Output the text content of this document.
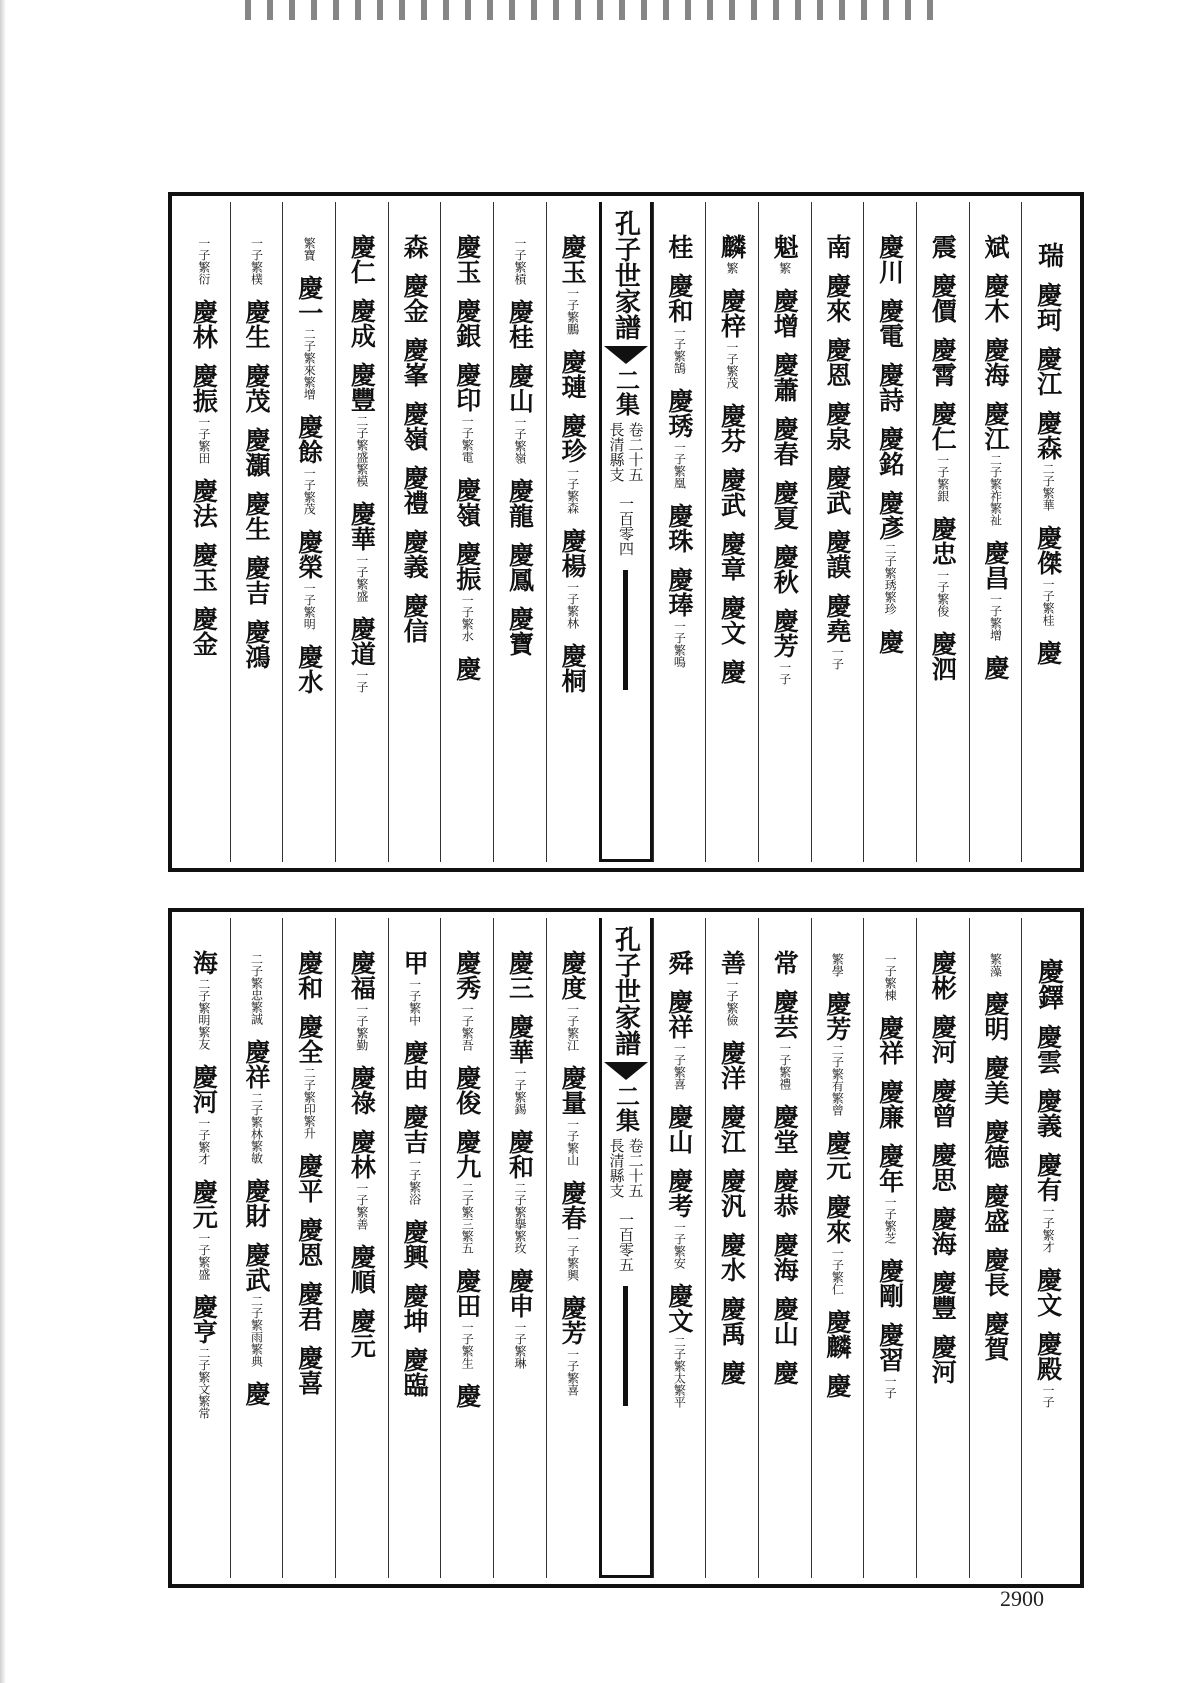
瑞
慶珂
慶江
慶森
二子繁華
慶傑
一子繁桂
慶
斌
慶木
慶海
慶江
二子繁祚繁祉
慶昌
一子繁增
慶
震
慶價
慶霄
慶仁
一子繁銀
慶忠
一子繁俊
慶泗
慶川
慶電
慶詩
慶銘
慶彥
二子繁琇繁珍
慶
南
慶來
慶恩
慶泉
慶武
慶謨
慶堯
一子
魁
繁
慶增
慶蕭
慶春
慶夏
慶秋
慶芳
一子
麟
繁
慶梓
一子繁茂
慶芬
慶武
慶章
慶文
慶
桂
慶和
一子繁鵠
慶琇
一子繁凰
慶珠
慶琫
一子繁鳴
孔子世家譜
二集
卷二十五
長清縣支
一百零四
慶玉
一子繁鵬
慶璉
慶珍
一子繁森
慶楊
一子繁林
慶桐
一子繁槓
慶桂
慶山
一子繁嶺
慶龍
慶鳳
慶寶
慶玉
慶銀
慶印
一子繁電
慶嶺
慶振
一子繁水
慶
森
慶金
慶峯
慶嶺
慶禮
慶義
慶信
慶仁
慶成
慶豐
二子繁盛繁模
慶華
一子繁盛
慶道
一子
繁寶
慶一
二子繁來繁增
慶餘
一子繁茂
慶榮
一子繁明
慶水
一子繁樸
慶生
慶茂
慶灝
慶生
慶吉
慶鴻
一子繁衍
慶林
慶振
一子繁田
慶法
慶玉
慶金
慶鐸
慶雲
慶義
慶有
一子繁才
慶文
慶殿
一子
繁藻
慶明
慶美
慶德
慶盛
慶長
慶賀
慶彬
慶河
慶曾
慶思
慶海
慶豐
慶河
一子繁棟
慶祥
慶廉
慶年
一子繁芝
慶剛
慶習
一子
繁學
慶芳
二子繁有繁曾
慶元
慶來
一子繁仁
慶麟
慶
常
慶芸
一子繁禮
慶堂
慶恭
慶海
慶山
慶
善
一子繁儉
慶洋
慶江
慶汎
慶水
慶禹
慶
舜
慶祥
一子繁喜
慶山
慶考
一子繁安
慶文
二子繁太繁平
孔子世家譜
二集
卷二十五
長清縣支
一百零五
慶度
一子繁江
慶量
一子繁山
慶春
一子繁興
慶芳
一子繁喜
慶三
慶華
一子繁錫
慶和
二子繁擧繁玫
慶申
一子繁琳
慶秀
一子繁吾
慶俊
慶九
二子繁三繁五
慶田
一子繁生
慶
甲
一子繁中
慶由
慶吉
一子繁浴
慶興
慶坤
慶臨
慶福
一子繁勤
慶祿
慶林
一子繁善
慶順
慶元
慶和
慶全
二子繁印繁升
慶平
慶恩
慶君
慶喜
二子繁忠繁誠
慶祥
二子繁林繁敏
慶財
慶武
二子繁雨繁典
慶
海
二子繁明繁友
慶河
一子繁才
慶元
一子繁盛
慶亨
二子繁文繁常
2900
